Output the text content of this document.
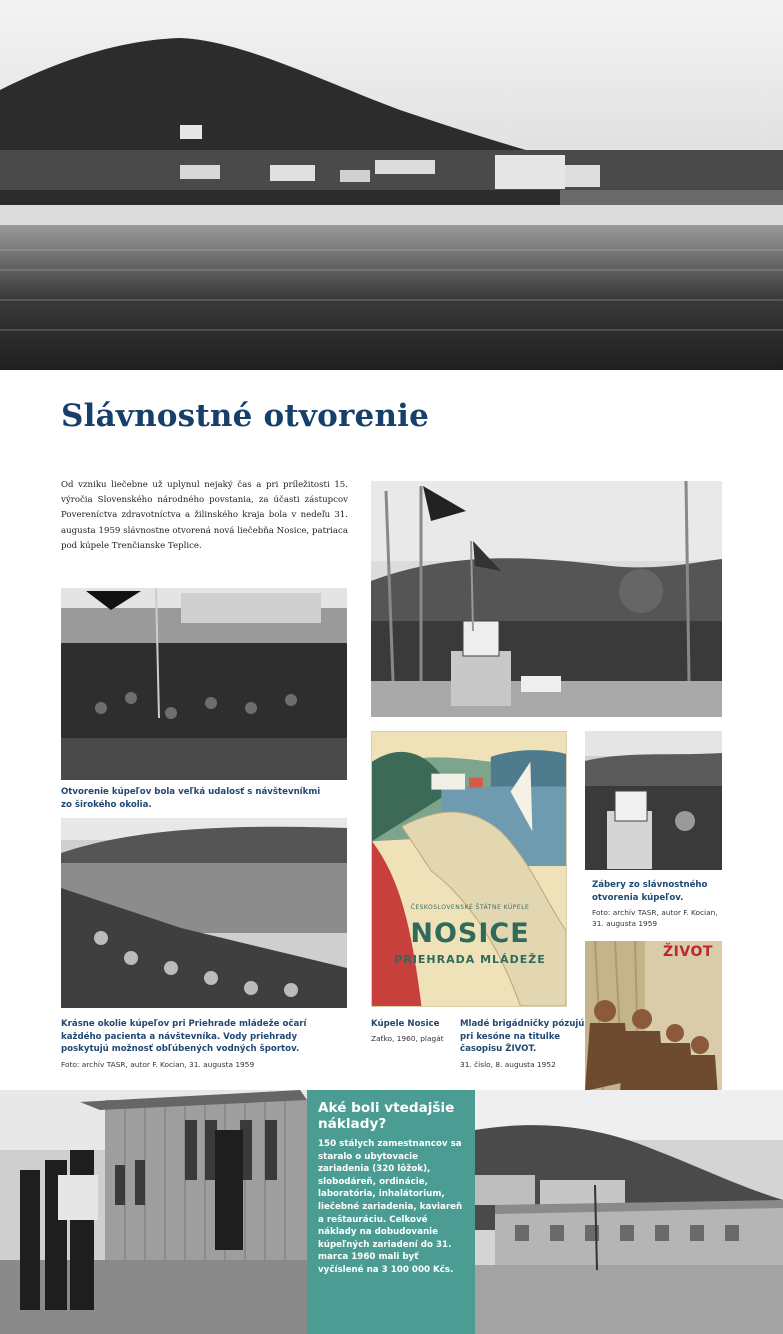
Slávnostné otvorenie
Od vzniku liečebne už uplynul nejaký čas a pri príležitosti 15. výročia Slovenského národného povstania, za účasti zástupcov Povereníctva zdravotníctva a žilinského kraja bola v nedeľu 31. augusta 1959 slávnostne otvorená nová liečebňa Nosice, patriaca pod kúpele Trenčianske Teplice.
Otvorenie kúpeľov bola veľká udalosť s návštevníkmi zo širokého okolia.
Krásne okolie kúpeľov pri Priehrade mládeže očarí každého pacienta a návštevníka. Vody priehrady poskytujú možnosť obľúbených vodných športov.
Foto: archív TASR, autor F. Kocian, 31. augusta 1959
ČESKOSLOVENSKÉ ŠTÁTNE KÚPELE
NOSICE
PRIEHRADA MLÁDEŽE
Kúpele Nosice
Zaťko, 1960, plagát
Zábery zo slávnostného otvorenia kúpeľov.
Foto: archív TASR, autor F. Kocian, 31. augusta 1959
ŽIVOT
Mladé brigádničky pózujú pri kesóne na titulke časopisu ŽIVOT.
31. číslo, 8. augusta 1952
Aké boli vtedajšie náklady?
150 stálych zamestnancov sa staralo o ubytovacie zariadenia (320 lôžok), slobodáreň, ordinácie, laboratória, inhalátorium, liečebné zariadenia, kaviareň a reštauráciu. Celkové náklady na dobudovanie kúpeľných zariadení do 31. marca 1960 mali byť vyčíslené na 3 100 000 Kčs.
